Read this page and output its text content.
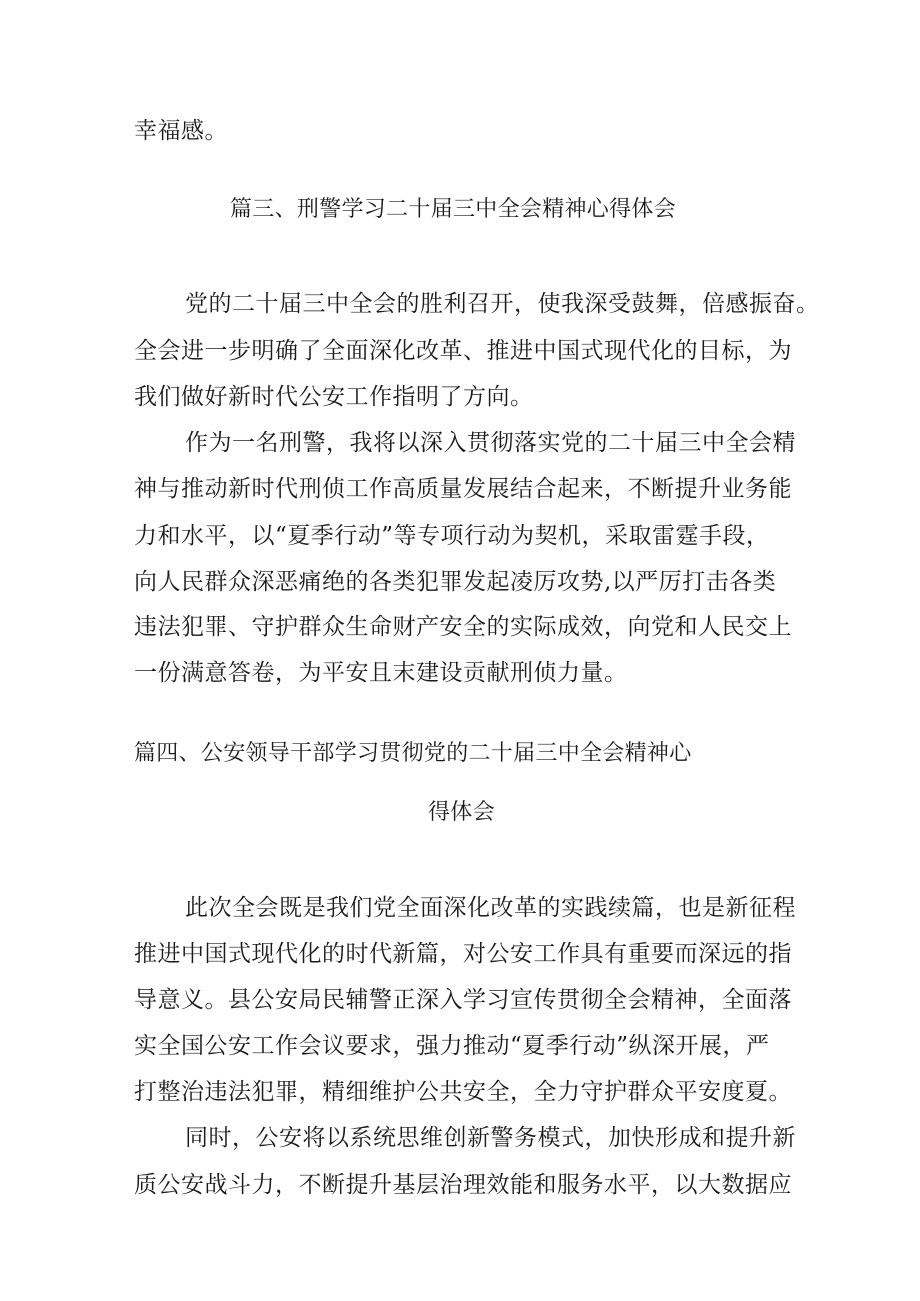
幸福感。

篇三、刑警学习二十届三中全会精神心得体会

党的二十届三中全会的胜利召开，使我深受鼓舞，倍感振奋。

全会进一步明确了全面深化改革、推进中国式现代化的目标，为

我们做好新时代公安工作指明了方向。

作为一名刑警，我将以深入贯彻落实党的二十届三中全会精

神与推动新时代刑侦工作高质量发展结合起来，不断提升业务能

力和水平，以“夏季行动”等专项行动为契机，采取雷霆手段，

向人民群众深恶痛绝的各类犯罪发起凌厉攻势,以严厉打击各类

违法犯罪、守护群众生命财产安全的实际成效，向党和人民交上

一份满意答卷，为平安且末建设贡献刑侦力量。

篇四、公安领导干部学习贯彻党的二十届三中全会精神心
得体会

此次全会既是我们党全面深化改革的实践续篇，也是新征程

推进中国式现代化的时代新篇，对公安工作具有重要而深远的指

导意义。县公安局民辅警正深入学习宣传贯彻全会精神，全面落

实全国公安工作会议要求，强力推动“夏季行动”纵深开展，严

打整治违法犯罪，精细维护公共安全，全力守护群众平安度夏。

同时，公安将以系统思维创新警务模式，加快形成和提升新

质公安战斗力，不断提升基层治理效能和服务水平，以大数据应
